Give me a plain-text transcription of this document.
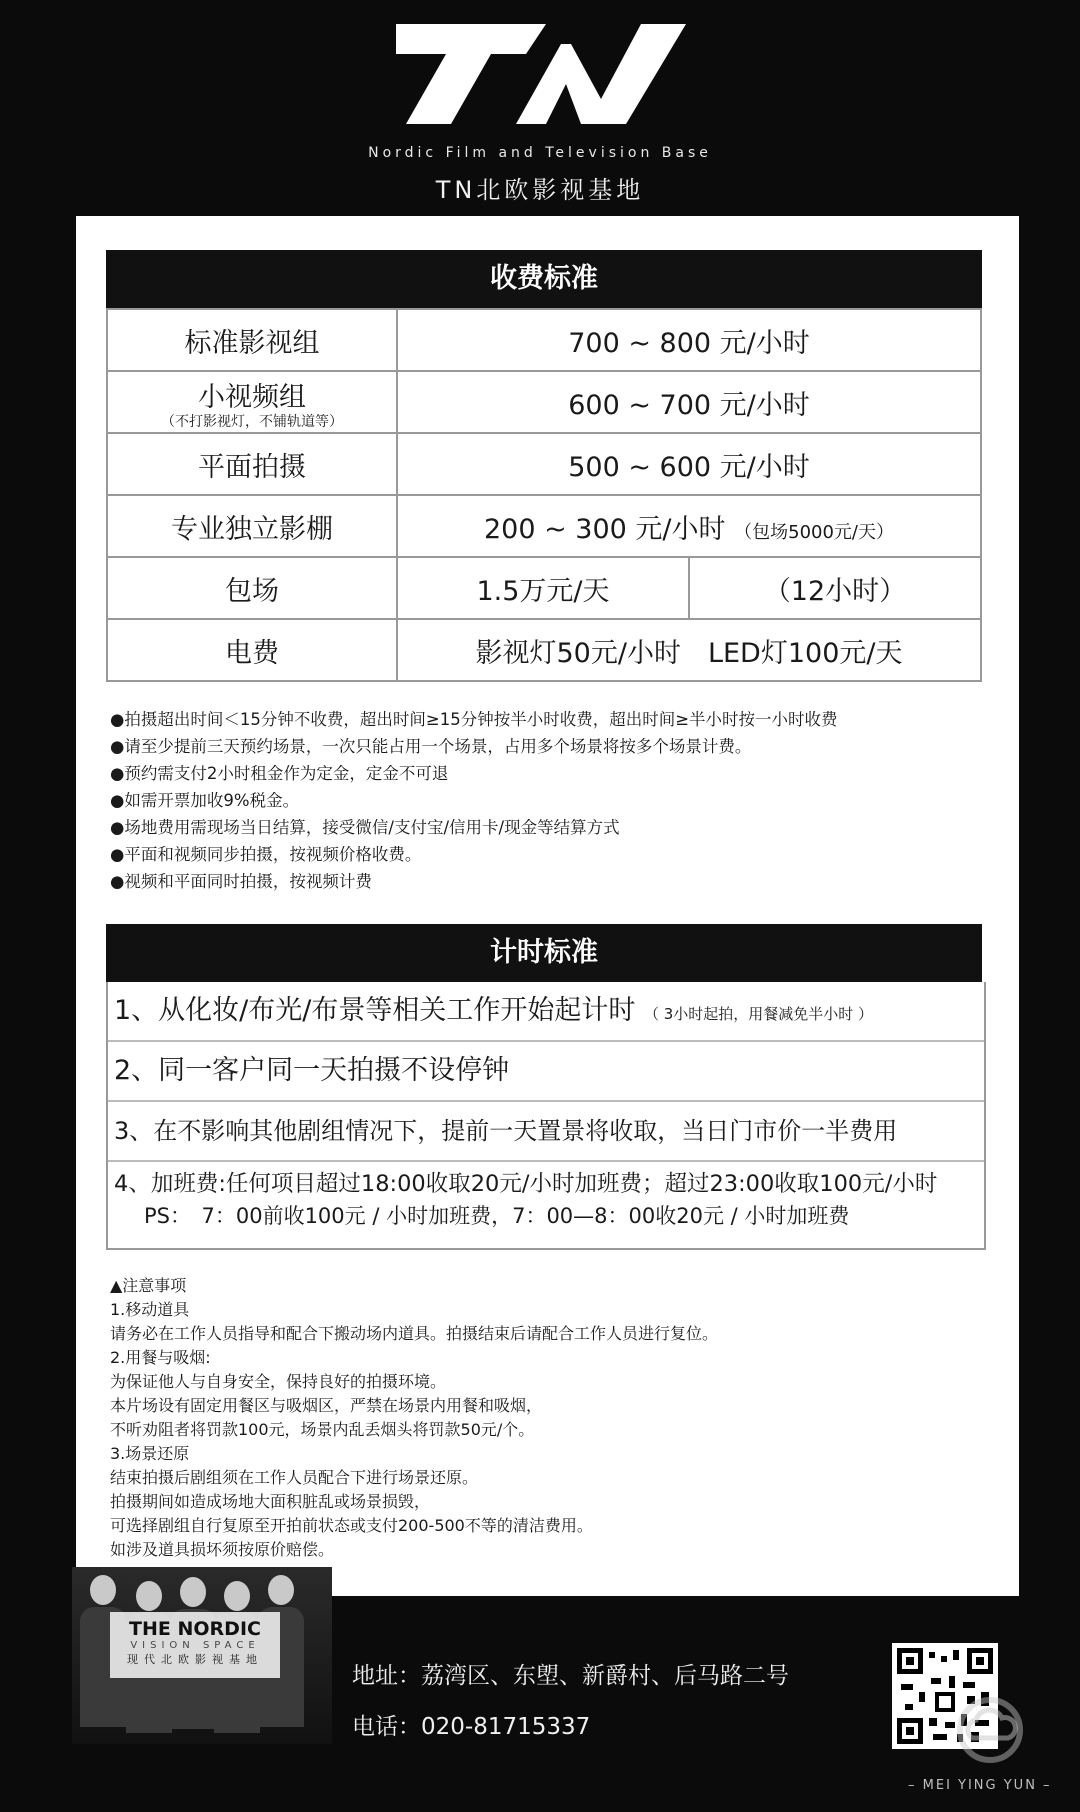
Nordic Film and Television Base
TN北欧影视基地
收费标准
标准影视组	700 ~ 800 元/小时	
小视频组
（不打影视灯，不铺轨道等）	600 ~ 700 元/小时	
平面拍摄	500 ~ 600 元/小时	
专业独立影棚	200 ~ 300 元/小时 （包场5000元/天）	
包场	1.5万元/天	（12小时）
电费	影视灯50元/小时　LED灯100元/天	
●拍摄超出时间＜15分钟不收费，超出时间≥15分钟按半小时收费，超出时间≥半小时按一小时收费
●请至少提前三天预约场景，一次只能占用一个场景，占用多个场景将按多个场景计费。
●预约需支付2小时租金作为定金，定金不可退
●如需开票加收9%税金。
●场地费用需现场当日结算，接受微信/支付宝/信用卡/现金等结算方式
●平面和视频同步拍摄，按视频价格收费。
●视频和平面同时拍摄，按视频计费
计时标准
1、从化妆/布光/布景等相关工作开始起计时 （ 3小时起拍，用餐减免半小时 ）
2、同一客户同一天拍摄不设停钟
3、在不影响其他剧组情况下，提前一天置景将收取，当日门市价一半费用
4、加班费:任何项目超过18:00收取20元/小时加班费；超过23:00收取100元/小时
PS：　7：00前收100元 / 小时加班费，7：00—8：00收20元 / 小时加班费
▲注意事项
1.移动道具
请务必在工作人员指导和配合下搬动场内道具。拍摄结束后请配合工作人员进行复位。
2.用餐与吸烟:
为保证他人与自身安全，保持良好的拍摄环境。
本片场设有固定用餐区与吸烟区，严禁在场景内用餐和吸烟，
不听劝阻者将罚款100元，场景内乱丢烟头将罚款50元/个。
3.场景还原
结束拍摄后剧组须在工作人员配合下进行场景还原。
拍摄期间如造成场地大面积脏乱或场景损毁，
可选择剧组自行复原至开拍前状态或支付200-500不等的清洁费用。
如涉及道具损坏须按原价赔偿。
THE NORDIC
VISION SPACE
现代北欧影视基地
地址：荔湾区、东塱、新爵村、后马路二号
电话：020-81715337
– MEI YING YUN –
